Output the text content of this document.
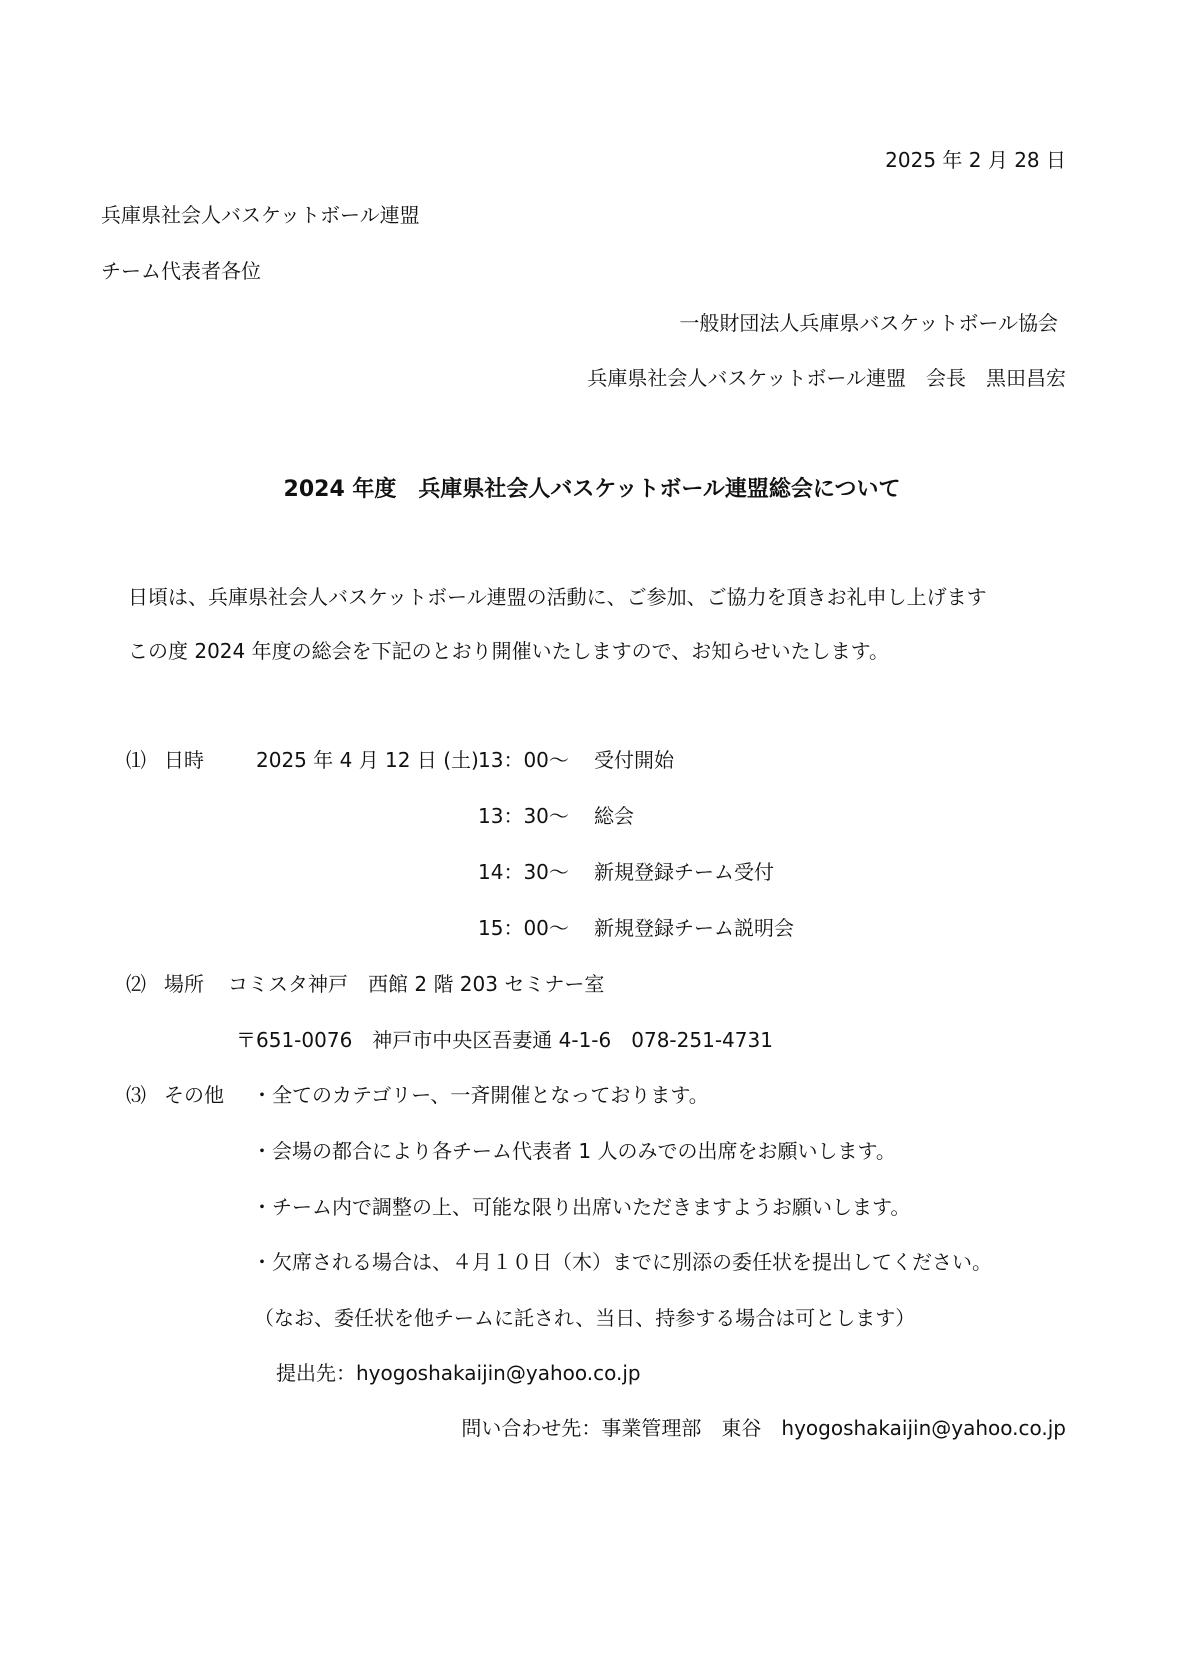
2025 年 2 月 28 日
兵庫県社会人バスケットボール連盟
チーム代表者各位
一般財団法人兵庫県バスケットボール協会
兵庫県社会人バスケットボール連盟　会長　黒田昌宏
2024 年度　兵庫県社会人バスケットボール連盟総会について
日頃は、兵庫県社会人バスケットボール連盟の活動に、ご参加、ご協力を頂きお礼申し上げます
この度 2024 年度の総会を下記のとおり開催いたしますので、お知らせいたします。
⑴ 日時	2025 年 4 月 12 日 (土) 13：00～ 受付開始
13：30～ 総会
14：30～ 新規登録チーム受付
15：00～ 新規登録チーム説明会
⑵ 場所 コミスタ神戸　西館 2 階 203 セミナー室
〒651-0076　神戸市中央区吾妻通 4-1-6　078-251-4731
⑶ その他 ・全てのカテゴリー、一斉開催となっております。
・会場の都合により各チーム代表者 1 人のみでの出席をお願いします。
・チーム内で調整の上、可能な限り出席いただきますようお願いします。
・欠席される場合は、４月１０日（木）までに別添の委任状を提出してください。
（なお、委任状を他チームに託され、当日、持参する場合は可とします）
提出先：hyogoshakaijin@yahoo.co.jp
問い合わせ先：事業管理部　東谷　hyogoshakaijin@yahoo.co.jp
